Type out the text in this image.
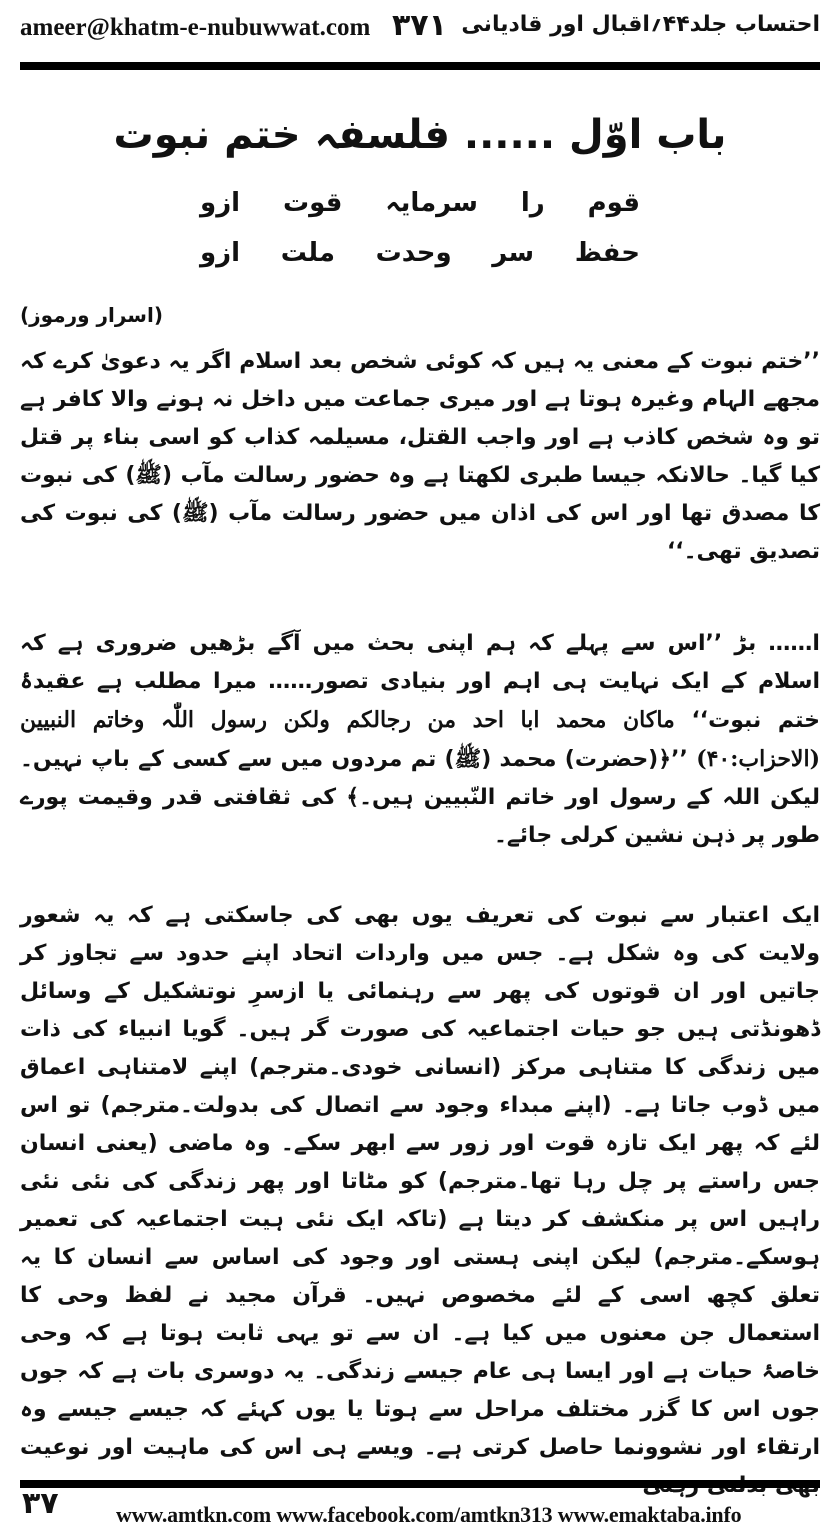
ameer@khatm-e-nubuwwat.com ۳۷۱ احتساب جلد۴۴؍اقبال اور قادیانی
باب اوّل ...... فلسفہ ختم نبوت
قوم
را
سرمایہ
قوت
ازو
حفظ
سر
وحدت
ملت
ازو
(اسرار ورموز)
’’ختم نبوت کے معنی یہ ہیں کہ کوئی شخص بعد اسلام اگر یہ دعویٰ کرے کہ مجھے الہام وغیرہ ہوتا ہے اور میری جماعت میں داخل نہ ہونے والا کافر ہے تو وہ شخص کاذب ہے اور واجب القتل، مسیلمہ کذاب کو اسی بناء پر قتل کیا گیا۔ حالانکہ جیسا طبری لکھتا ہے وہ حضور رسالت مآب (ﷺ) کی نبوت کا مصدق تھا اور اس کی اذان میں حضور رسالت مآب (ﷺ) کی نبوت کی تصدیق تھی۔‘‘
ا…… بڑ ’’اس سے پہلے کہ ہم اپنی بحث میں آگے بڑھیں ضروری ہے کہ اسلام کے ایک نہایت ہی اہم اور بنیادی تصور…… میرا مطلب ہے عقیدۂ ختم نبوت‘‘ ماکان محمد ابا احد من رجالکم ولکن رسول اللّٰہ وخاتم النبیین (الاحزاب:۴۰) ’’﴿(حضرت) محمد (ﷺ) تم مردوں میں سے کسی کے باپ نہیں۔ لیکن اللہ کے رسول اور خاتم النّبیین ہیں۔﴾ کی ثقافتی قدر وقیمت پورے طور پر ذہن نشین کرلی جائے۔
ایک اعتبار سے نبوت کی تعریف یوں بھی کی جاسکتی ہے کہ یہ شعور ولایت کی وہ شکل ہے۔ جس میں واردات اتحاد اپنے حدود سے تجاوز کر جاتیں اور ان قوتوں کی پھر سے رہنمائی یا ازسرِ نوتشکیل کے وسائل ڈھونڈتی ہیں جو حیات اجتماعیہ کی صورت گر ہیں۔ گویا انبیاء کی ذات میں زندگی کا متناہی مرکز (انسانی خودی۔مترجم) اپنے لامتناہی اعماق میں ڈوب جاتا ہے۔ (اپنے مبداء وجود سے اتصال کی بدولت۔مترجم) تو اس لئے کہ پھر ایک تازہ قوت اور زور سے ابھر سکے۔ وہ ماضی (یعنی انسان جس راستے پر چل رہا تھا۔مترجم) کو مٹاتا اور پھر زندگی کی نئی نئی راہیں اس پر منکشف کر دیتا ہے (تاکہ ایک نئی ہیت اجتماعیہ کی تعمیر ہوسکے۔مترجم) لیکن اپنی ہستی اور وجود کی اساس سے انسان کا یہ تعلق کچھ اسی کے لئے مخصوص نہیں۔ قرآن مجید نے لفظ وحی کا استعمال جن معنوں میں کیا ہے۔ ان سے تو یہی ثابت ہوتا ہے کہ وحی خاصۂ حیات ہے اور ایسا ہی عام جیسے زندگی۔ یہ دوسری بات ہے کہ جوں جوں اس کا گزر مختلف مراحل سے ہوتا یا یوں کہئے کہ جیسے جیسے وہ ارتقاء اور نشوونما حاصل کرتی ہے۔ ویسے ہی اس کی ماہیت اور نوعیت
۳۷	www.amtkn.com www.facebook.com/amtkn313 www.emaktaba.info
